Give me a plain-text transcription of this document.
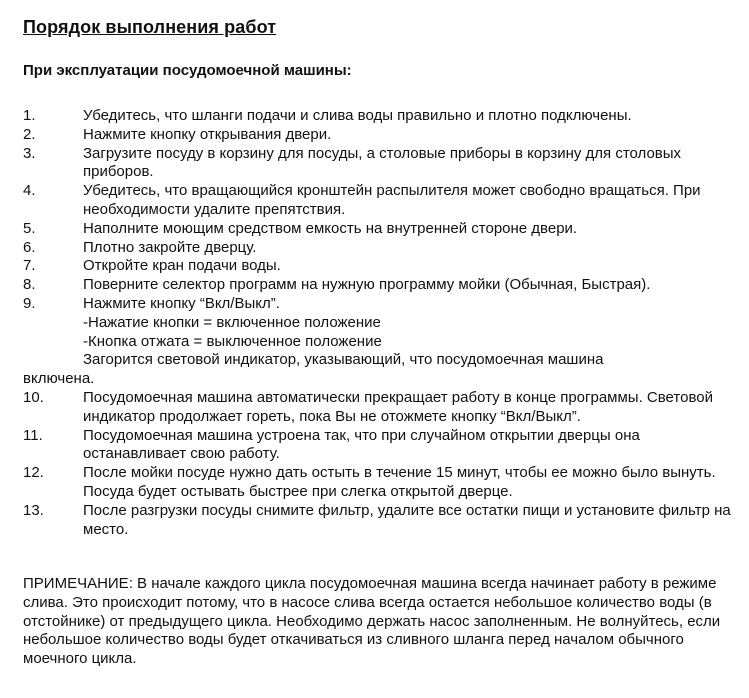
Порядок выполнения работ
При эксплуатации посудомоечной машины:
1.	Убедитесь, что шланги подачи и слива воды правильно и плотно подключены.
2.	Нажмите кнопку открывания двери.
3.	Загрузите посуду в корзину для посуды, а столовые приборы в корзину для столовых приборов.
4.	Убедитесь, что вращающийся кронштейн распылителя может свободно вращаться. При необходимости удалите препятствия.
5.	Наполните моющим средством емкость на внутренней стороне двери.
6.	Плотно закройте дверцу.
7.	Откройте кран подачи воды.
8.	Поверните селектор программ на нужную программу мойки (Обычная, Быстрая).
9.	Нажмите кнопку “Вкл/Выкл”.
-Нажатие кнопки = включенное положение
-Кнопка отжата = выключенное положение
Загорится световой индикатор, указывающий, что посудомоечная машина
включена.
10.	Посудомоечная машина автоматически прекращает работу в конце программы. Световой индикатор продолжает гореть, пока Вы не отожмете кнопку “Вкл/Выкл”.
11.	Посудомоечная машина устроена так, что при случайном открытии дверцы она останавливает свою работу.
12.	После мойки посуде нужно дать остыть в течение 15 минут, чтобы ее можно было вынуть. Посуда будет остывать быстрее при слегка открытой дверце.
13.	После разгрузки посуды снимите фильтр, удалите все остатки пищи и установите фильтр на место.
ПРИМЕЧАНИЕ: В начале каждого цикла посудомоечная машина всегда начинает работу в режиме слива. Это происходит потому, что в насосе слива всегда остается небольшое количество воды (в отстойнике) от предыдущего цикла. Необходимо держать насос заполненным. Не волнуйтесь, если небольшое количество воды будет откачиваться из сливного шланга перед началом обычного моечного цикла.
